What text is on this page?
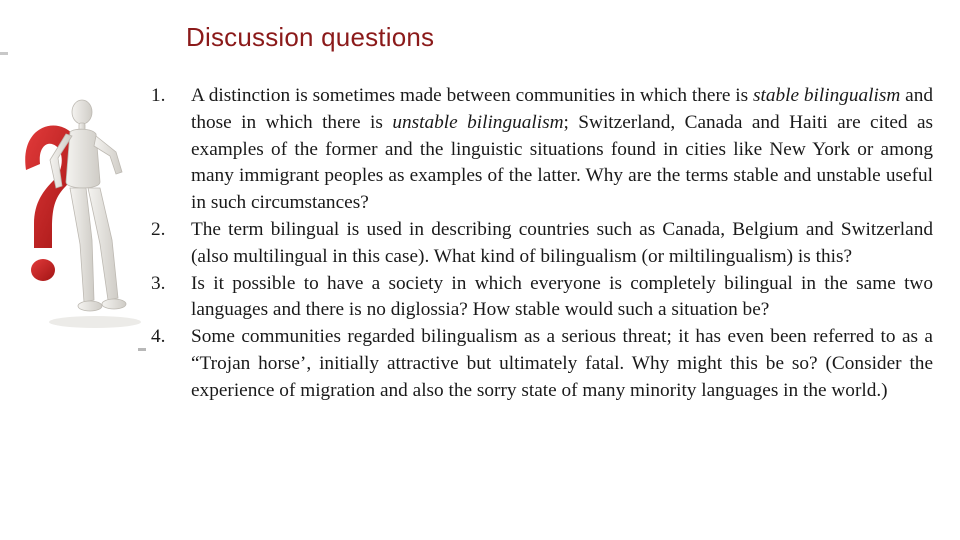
Discussion questions
1. A distinction is sometimes made between communities in which there is stable bilingualism and those in which there is unstable bilingualism; Switzerland, Canada and Haiti are cited as examples of the former and the linguistic situations found in cities like New York or among many immigrant peoples as examples of the latter. Why are the terms stable and unstable useful in such circumstances?
2. The term bilingual is used in describing countries such as Canada, Belgium and Switzerland (also multilingual in this case). What kind of bilingualism (or miltilingualism) is this?
3. Is it possible to have a society in which everyone is completely bilingual in the same two languages and there is no diglossia? How stable would such a situation be?
4. Some communities regarded bilingualism as a serious threat; it has even been referred to as a “Trojan horse’, initially attractive but ultimately fatal. Why might this be so? (Consider the experience of migration and also the sorry state of many minority languages in the world.)
